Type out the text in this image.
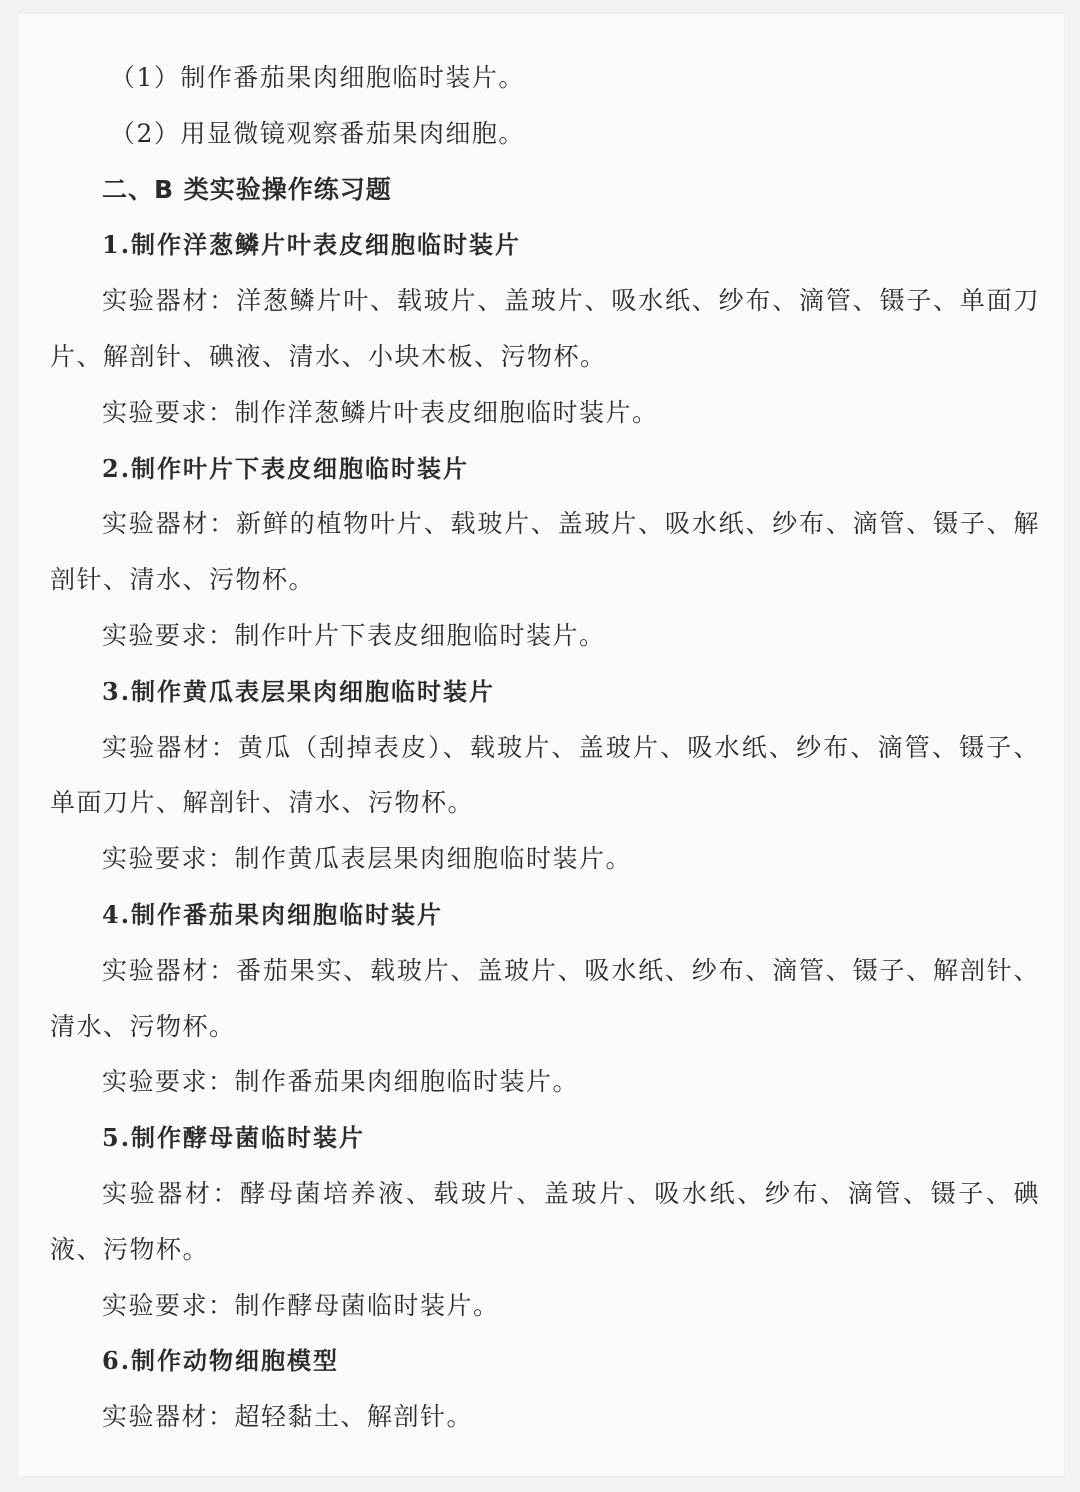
（1）制作番茄果肉细胞临时装片。

（2）用显微镜观察番茄果肉细胞。

二、B 类实验操作练习题

1.制作洋葱鳞片叶表皮细胞临时装片

实验器材：洋葱鳞片叶、载玻片、盖玻片、吸水纸、纱布、滴管、镊子、单面刀片、解剖针、碘液、清水、小块木板、污物杯。

实验要求：制作洋葱鳞片叶表皮细胞临时装片。

2.制作叶片下表皮细胞临时装片

实验器材：新鲜的植物叶片、载玻片、盖玻片、吸水纸、纱布、滴管、镊子、解剖针、清水、污物杯。

实验要求：制作叶片下表皮细胞临时装片。

3.制作黄瓜表层果肉细胞临时装片

实验器材：黄瓜（刮掉表皮）、载玻片、盖玻片、吸水纸、纱布、滴管、镊子、单面刀片、解剖针、清水、污物杯。

实验要求：制作黄瓜表层果肉细胞临时装片。

4.制作番茄果肉细胞临时装片

实验器材：番茄果实、载玻片、盖玻片、吸水纸、纱布、滴管、镊子、解剖针、清水、污物杯。

实验要求：制作番茄果肉细胞临时装片。

5.制作酵母菌临时装片

实验器材：酵母菌培养液、载玻片、盖玻片、吸水纸、纱布、滴管、镊子、碘液、污物杯。

实验要求：制作酵母菌临时装片。

6.制作动物细胞模型

实验器材：超轻黏土、解剖针。
